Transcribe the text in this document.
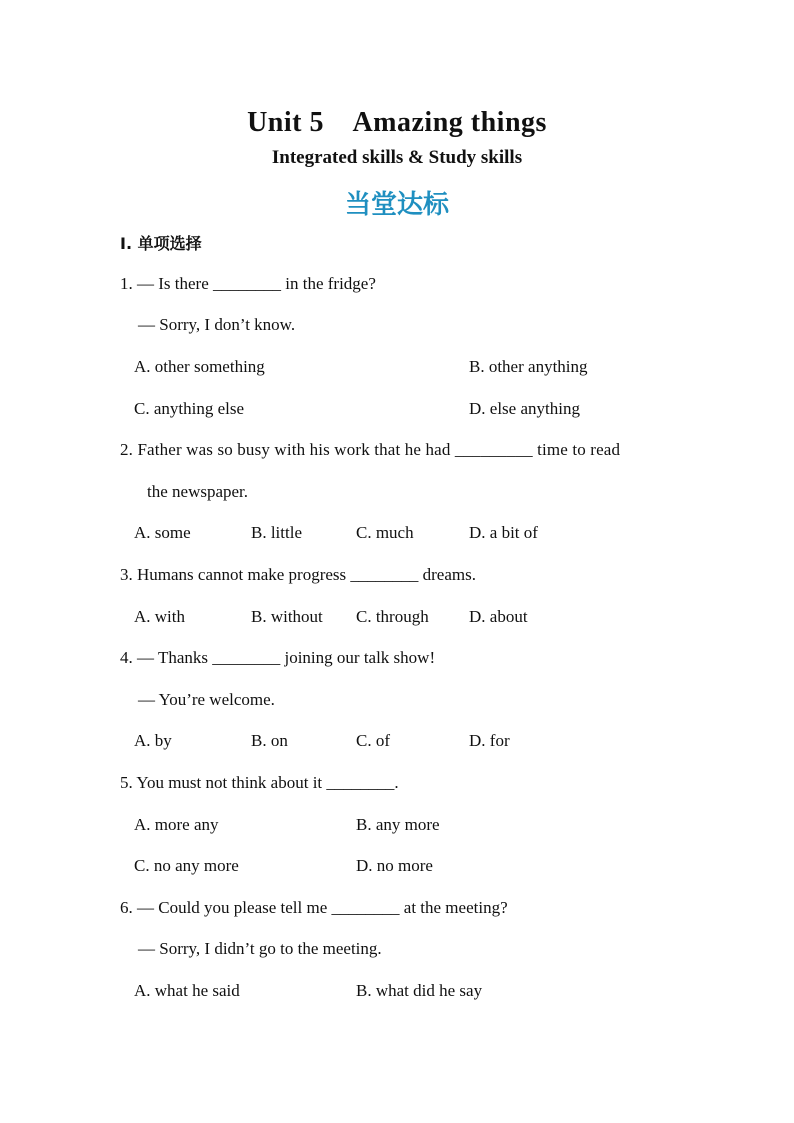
Unit 5　Amazing things
Integrated skills & Study skills
当堂达标
Ⅰ. 单项选择
1. — Is there ________ in the fridge?
— Sorry, I don’t know.
A. other something	B. other anything
C. anything else	D. else anything
2. Father was so busy with his work that he had _________ time to read
the newspaper.
A. some	B. little	C. much	D. a bit of
3. Humans cannot make progress ________ dreams.
A. with	B. without C. through D. about
4. — Thanks ________ joining our talk show!
— You’re welcome.
A. by	B. on	C. of	D. for
5. You must not think about it ________.
A. more any	B. any more
C. no any more	D. no more
6. — Could you please tell me ________ at the meeting?
— Sorry, I didn’t go to the meeting.
A. what he said	B. what did he say
